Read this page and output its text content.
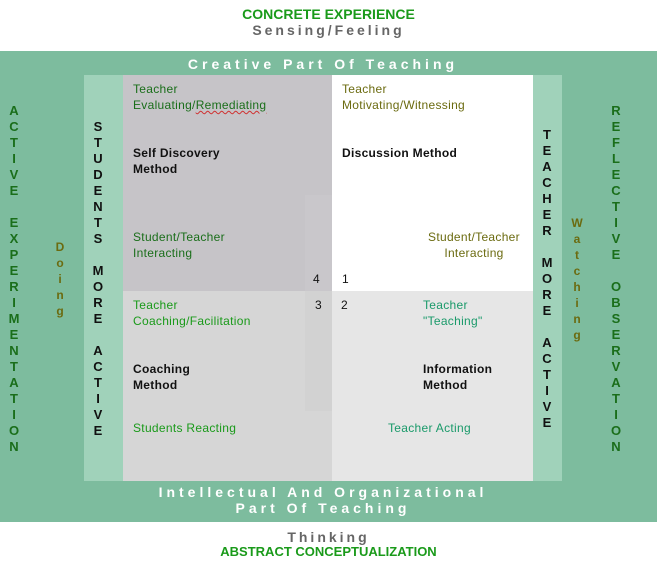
CONCRETE EXPERIENCE
Sensing/Feeling
Creative Part Of Teaching
A
C
T
I
V
E

E
X
P
E
R
I
M
E
N
T
A
T
I
O
N
D
o
i
n
g
S
T
U
D
E
N
T
S

M
O
R
E

A
C
T
I
V
E
T
E
A
C
H
E
R

M
O
R
E

A
C
T
I
V
E
W
a
t
c
h
i
n
g
R
E
F
L
E
C
T
I
V
E

O
B
S
E
R
V
A
T
I
O
N
Teacher
Evaluating/Remediating
Self Discovery
Method
Student/Teacher
Interacting
4
Teacher
Motivating/Witnessing
Discussion Method
Student/Teacher
Interacting
1
Teacher
Coaching/Facilitation
Coaching
Method
Students Reacting
3	Teacher
"Teaching"
Information
Method
Teacher Acting
2
Intellectual And Organizational
Part Of Teaching
Thinking
ABSTRACT CONCEPTUALIZATION
